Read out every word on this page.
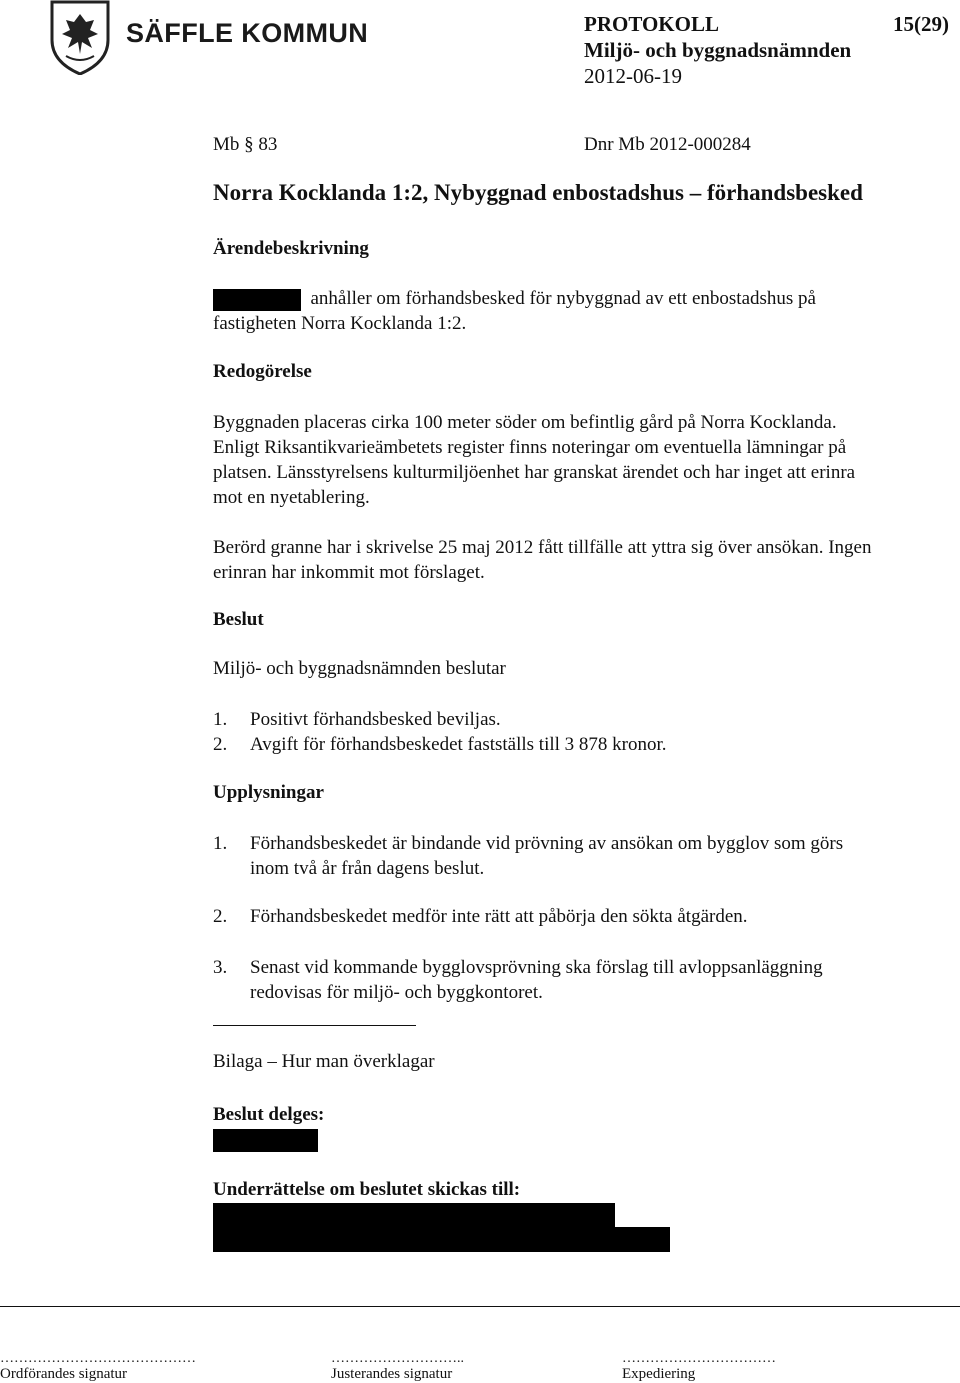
SÄFFLE KOMMUN	PROTOKOLL	15(29)
Miljö- och byggnadsnämnden
2012-06-19
Mb § 83	Dnr Mb 2012-000284
Norra Kocklanda 1:2, Nybyggnad enbostadshus – förhandsbesked
Ärendebeskrivning
anhåller om förhandsbesked för nybyggnad av ett enbostadshus på
fastigheten Norra Kocklanda 1:2.
Redogörelse
Byggnaden placeras cirka 100 meter söder om befintlig gård på Norra Kocklanda.
Enligt Riksantikvarieämbetets register finns noteringar om eventuella lämningar på
platsen. Länsstyrelsens kulturmiljöenhet har granskat ärendet och har inget att erinra
mot en nyetablering.
Berörd granne har i skrivelse 25 maj 2012 fått tillfälle att yttra sig över ansökan. Ingen
erinran har inkommit mot förslaget.
Beslut
Miljö- och byggnadsnämnden beslutar
1. Positivt förhandsbesked beviljas.
2. Avgift för förhandsbeskedet fastställs till 3 878 kronor.
Upplysningar
1. Förhandsbeskedet är bindande vid prövning av ansökan om bygglov som görs
inom två år från dagens beslut.
2. Förhandsbeskedet medför inte rätt att påbörja den sökta åtgärden.
3. Senast vid kommande bygglovsprövning ska förslag till avloppsanläggning
redovisas för miljö- och byggkontoret.
Bilaga – Hur man överklagar
Beslut delges:
Underrättelse om beslutet skickas till:
……………………………………	………………………..	……………………………
Ordförandes signatur	Justerandes signatur	Expediering
